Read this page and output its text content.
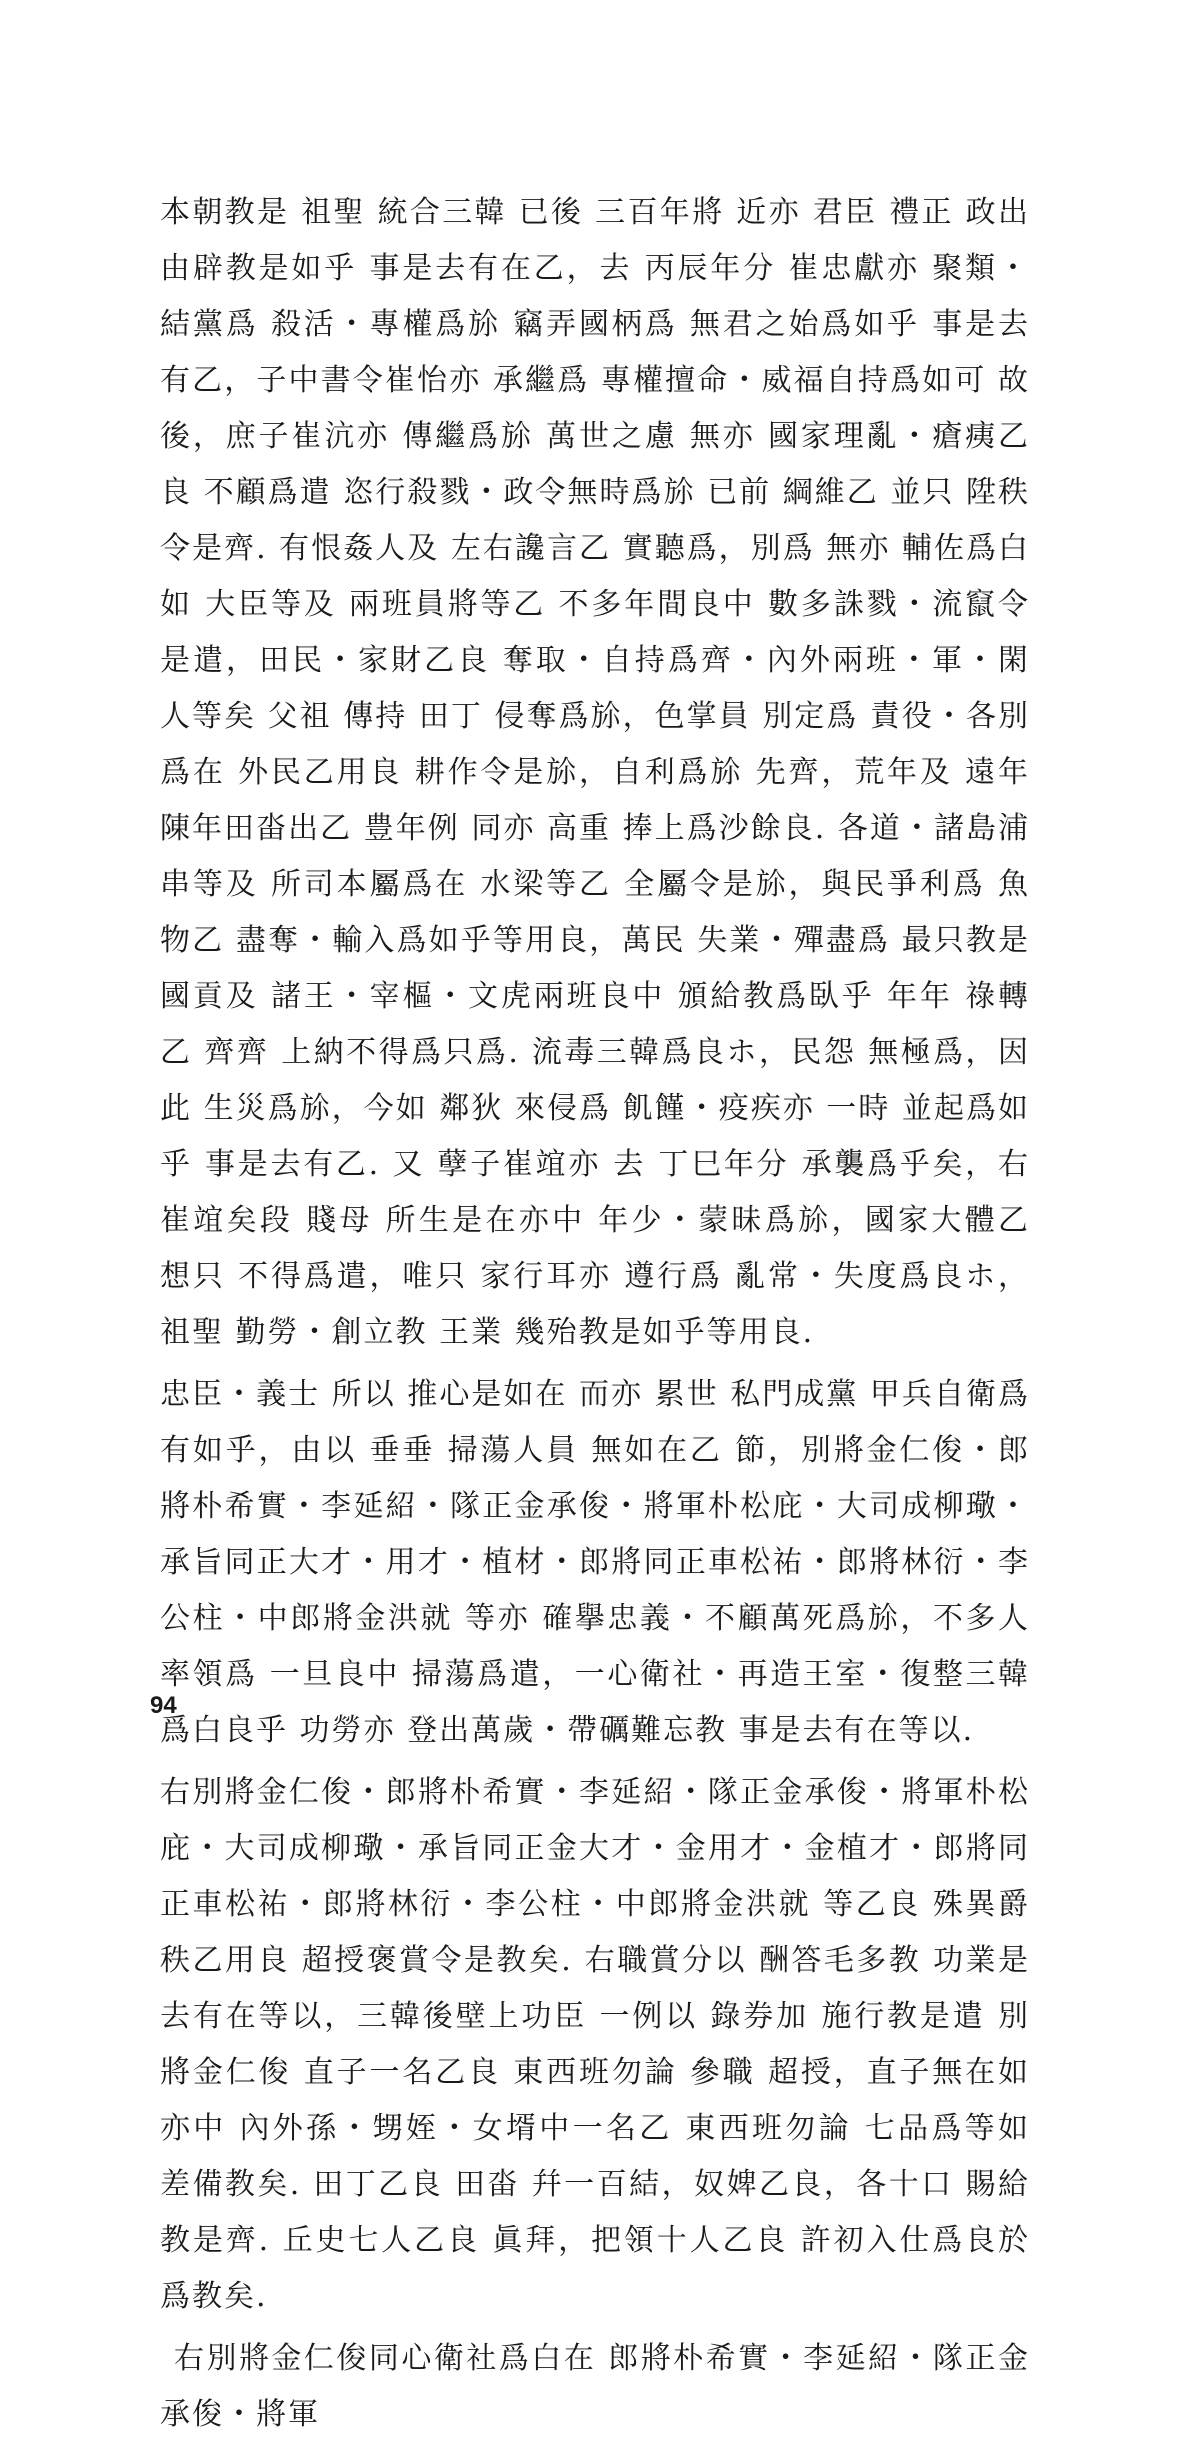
本朝教是 祖聖 統合三韓 已後 三百年將 近亦 君臣 禮正 政出由辟教是如乎 事是去有在乙，去 丙辰年分 崔忠獻亦 聚類・結黨爲 殺活・專權爲㫆 竊弄國柄爲 無君之始爲如乎 事是去有乙，子中書令崔怡亦 承繼爲 專權擅命・威福自持爲如可 故後，庶子崔沆亦 傳繼爲㫆 萬世之慮 無亦 國家理亂・瘡痍乙良 不顧爲遣 恣行殺戮・政令無時爲㫆 已前 綱維乙 並只 陞秩令是齊. 有恨姦人及 左右讒言乙 實聽爲，別爲 無亦 輔佐爲白如 大臣等及 兩班員將等乙 不多年間良中 數多誅戮・流竄令是遣，田民・家財乙良 奪取・自持爲齊・內外兩班・軍・閑人等矣 父祖 傳持 田丁 侵奪爲㫆，色掌員 別定爲 責役・各別爲在 外民乙用良 耕作令是㫆，自利爲㫆 先齊，荒年及 遠年 陳年田畓出乙 豊年例 同亦 高重 捧上爲沙餘良. 各道・諸島浦串等及 所司本屬爲在 水梁等乙 全屬令是㫆，與民爭利爲 魚物乙 盡奪・輸入爲如乎等用良，萬民 失業・殫盡爲 最只教是 國貢及 諸王・宰樞・文虎兩班良中 頒給教爲臥乎 年年 祿轉乙 齊齊 上納不得爲只爲. 流毒三韓爲良ホ，民怨 無極爲，因此 生災爲㫆，今如 鄰狄 來侵爲 飢饉・疫疾亦 一時 並起爲如乎 事是去有乙. 又 孽子崔竩亦 去 丁巳年分 承襲爲乎矣，右崔竩矣段 賤母 所生是在亦中 年少・蒙昧爲㫆，國家大體乙 想只 不得爲遣，唯只 家行耳亦 遵行爲 亂常・失度爲良ホ，祖聖 勤勞・創立教 王業 幾殆教是如乎等用良.

忠臣・義士 所以 推心是如在 而亦 累世 私門成黨 甲兵自衛爲有如乎，由以 垂垂 掃蕩人員 無如在乙 節，別將金仁俊・郎將朴希實・李延紹・隊正金承俊・將軍朴松庇・大司成柳璥・承旨同正大才・用才・植材・郎將同正車松祐・郎將林衍・李公柱・中郎將金洪就 等亦 確擧忠義・不顧萬死爲㫆，不多人 率領爲 一旦良中 掃蕩爲遣，一心衛社・再造王室・復整三韓爲白良乎 功勞亦 登出萬歲・帶礪難忘教 事是去有在等以.

右別將金仁俊・郎將朴希實・李延紹・隊正金承俊・將軍朴松庇・大司成柳璥・承旨同正金大才・金用才・金植才・郎將同正車松祐・郎將林衍・李公柱・中郎將金洪就 等乙良 殊異爵秩乙用良 超授褒賞令是教矣. 右職賞分以 酬答毛多教 功業是去有在等以，三韓後壁上功臣 一例以 錄券加 施行教是遣 別將金仁俊 直子一名乙良 東西班勿論 參職 超授，直子無在如亦中 內外孫・甥姪・女壻中一名乙 東西班勿論 七品爲等如 差備教矣. 田丁乙良 田畓 幷一百結，奴婢乙良，各十口 賜給教是齊. 丘史七人乙良 眞拜，把領十人乙良 許初入仕爲良於爲教矣.

右別將金仁俊同心衛社爲白在 郎將朴希實・李延紹・隊正金承俊・將軍

94
